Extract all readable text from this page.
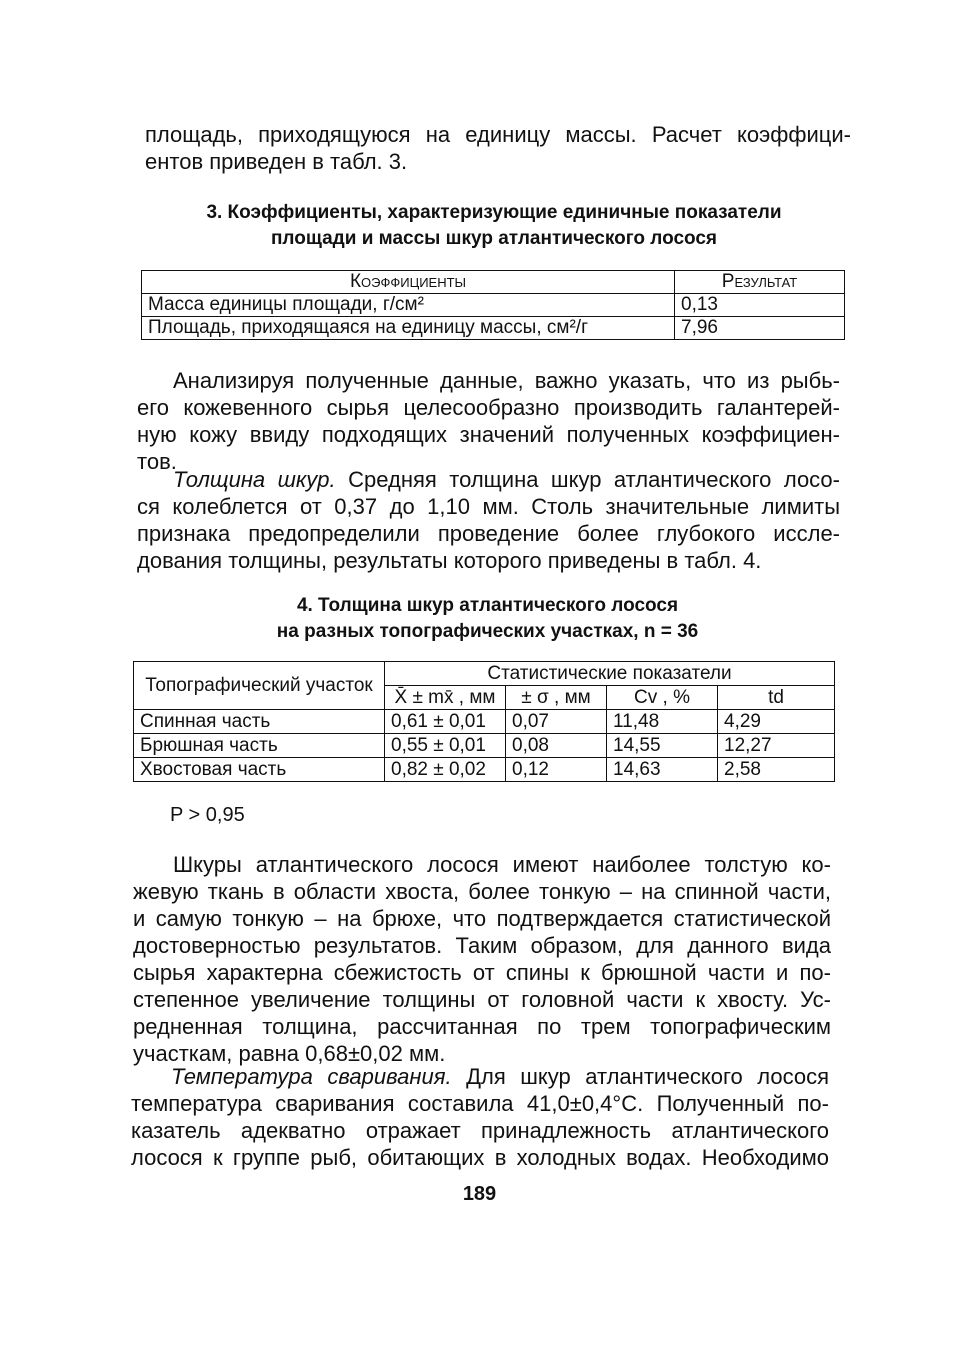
площадь, приходящуюся на единицу массы. Расчет коэффици-
ентов приведен в табл. 3.

3. Коэффициенты, характеризующие единичные показатели
площади и массы шкур атлантического лосося
Коэффициенты	Результат
Масса единицы площади, г/см²	0,13
Площадь, приходящаяся на единицу массы, см²/г	7,96

Анализируя полученные данные, важно указать, что из рыбь-
его кожевенного сырья целесообразно производить галантерей-
ную кожу ввиду подходящих значений полученных коэффициен-
тов.

Толщина шкур. Средняя толщина шкур атлантического лосо-
ся колеблется от 0,37 до 1,10 мм. Столь значительные лимиты
признака предопределили проведение более глубокого иссле-
дования толщины, результаты которого приведены в табл. 4.

4. Толщина шкур атлантического лосося
на разных топографических участках, n = 36
Топографический участок	Статистические показатели			
	X̄ ± mx̄ , мм	± σ , мм	Cv , %	td
Спинная часть	0,61 ± 0,01	0,07	11,48	4,29
Брюшная часть	0,55 ± 0,01	0,08	14,55	12,27
Хвостовая часть	0,82 ± 0,02	0,12	14,63	2,58
P > 0,95

Шкуры атлантического лосося имеют наиболее толстую ко-
жевую ткань в области хвоста, более тонкую – на спинной части,
и самую тонкую – на брюхе, что подтверждается статистической
достоверностью результатов. Таким образом, для данного вида
сырья характерна сбежистость от спины к брюшной части и по-
степенное увеличение толщины от головной части к хвосту. Ус-
редненная толщина, рассчитанная по трем топографическим
участкам, равна 0,68±0,02 мм.

Температура сваривания. Для шкур атлантического лосося
температура сваривания составила 41,0±0,4°С. Полученный по-
казатель адекватно отражает принадлежность атлантического
лосося к группе рыб, обитающих в холодных водах. Необходимо

189
